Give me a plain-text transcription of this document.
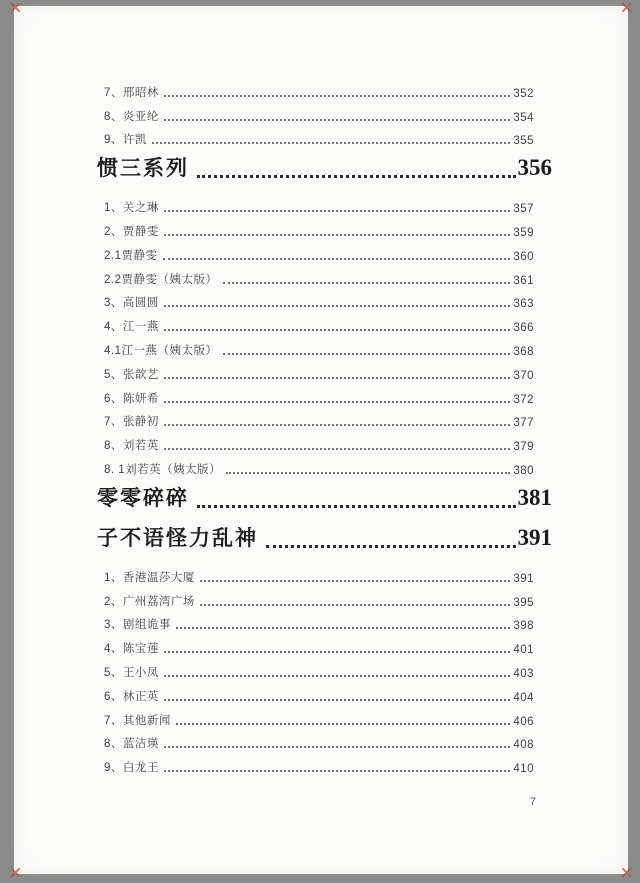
7、邢昭林	352
8、炎亚纶	354
9、许凯	355
惯三系列	356
1、关之琳	357
2、贾静雯	359
2.1贾静雯	360
2.2贾静雯（姨太版）	361
3、高圆圆	363
4、江一燕	366
4.1江一燕（姨太版）	368
5、张歆艺	370
6、陈妍希	372
7、张静初	377
8、刘若英	379
8. 1刘若英（姨太版）	380
零零碎碎	381
子不语怪力乱神	391
1、香港温莎大厦	391
2、广州荔湾广场	395
3、剧组诡事	398
4、陈宝莲	401
5、王小凤	403
6、林正英	404
7、其他新闻	406
8、蓝洁瑛	408
9、白龙王	410
7
